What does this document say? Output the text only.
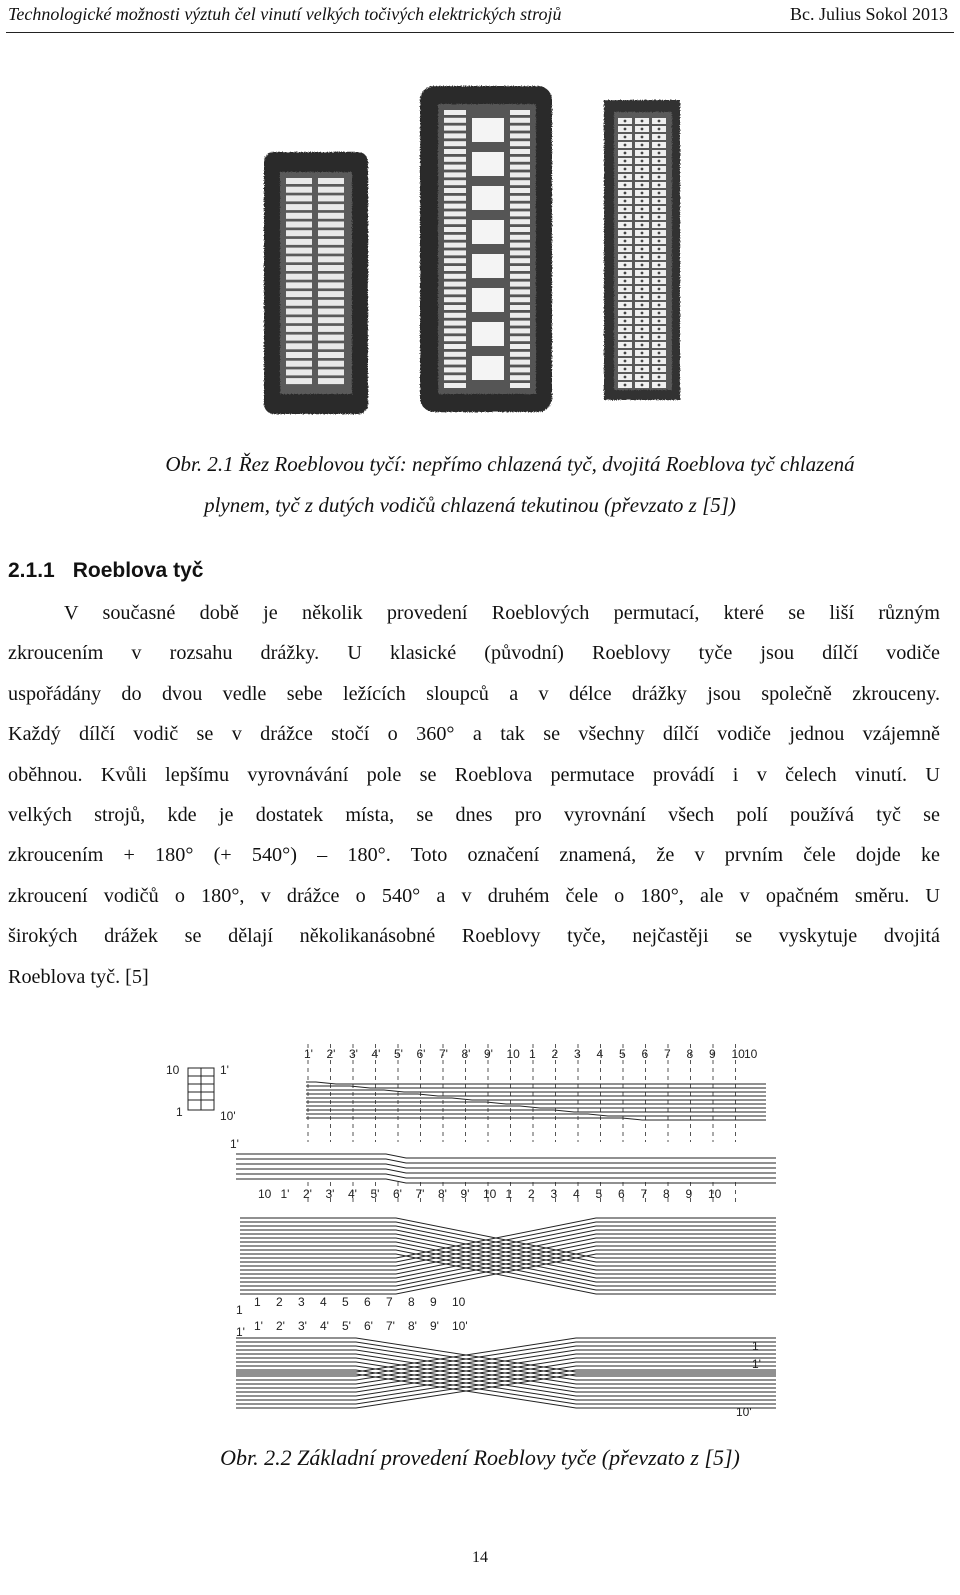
Technologické možnosti výztuh čel vinutí velkých točivých elektrických strojů	Bc. Julius Sokol 2013
Obr. 2.1 Řez Roeblovou tyčí: nepřímo chlazená tyč, dvojitá Roeblova tyč chlazená
plynem, tyč z dutých vodičů chlazená tekutinou (převzato z [5])
2.1.1 Roeblova tyč
V současné době je několik provedení Roeblových permutací, které se liší různým
zkroucením v rozsahu drážky. U klasické (původní) Roeblovy tyče jsou dílčí vodiče
uspořádány do dvou vedle sebe ležících sloupců a v délce drážky jsou společně zkrouceny.
Každý dílčí vodič se v drážce stočí o 360° a tak se všechny dílčí vodiče jednou vzájemně
oběhnou. Kvůli lepšímu vyrovnávání pole se Roeblova permutace provádí i v čelech vinutí. U
velkých strojů, kde je dostatek místa, se dnes pro vyrovnání všech polí používá tyč se
zkroucením + 180° (+ 540°) – 180°. Toto označení znamená, že v prvním čele dojde ke
zkroucení vodičů o 180°, v drážce o 540° a v druhém čele o 180°, ale v opačném směru. U
širokých drážek se dělají několikanásobné Roeblovy tyče, nejčastěji se vyskytuje dvojitá
Roeblova tyč. [5]
10	1'
1	10'
1' 2' 3' 4' 5' 6' 7' 8' 9' 10 1 2 3 4 5 6 7 8 9 10 10
1'
10 1' 2' 3' 4' 5' 6' 7' 8' 9' 10 1 2 3 4 5 6 7 8 9 10
1 2 3 4 5 6 7 8 9 10
1' 2' 3' 4' 5' 6' 7' 8' 9' 10'
1
1'
1
1'
10'
Obr. 2.2 Základní provedení Roeblovy tyče (převzato z [5])
14
